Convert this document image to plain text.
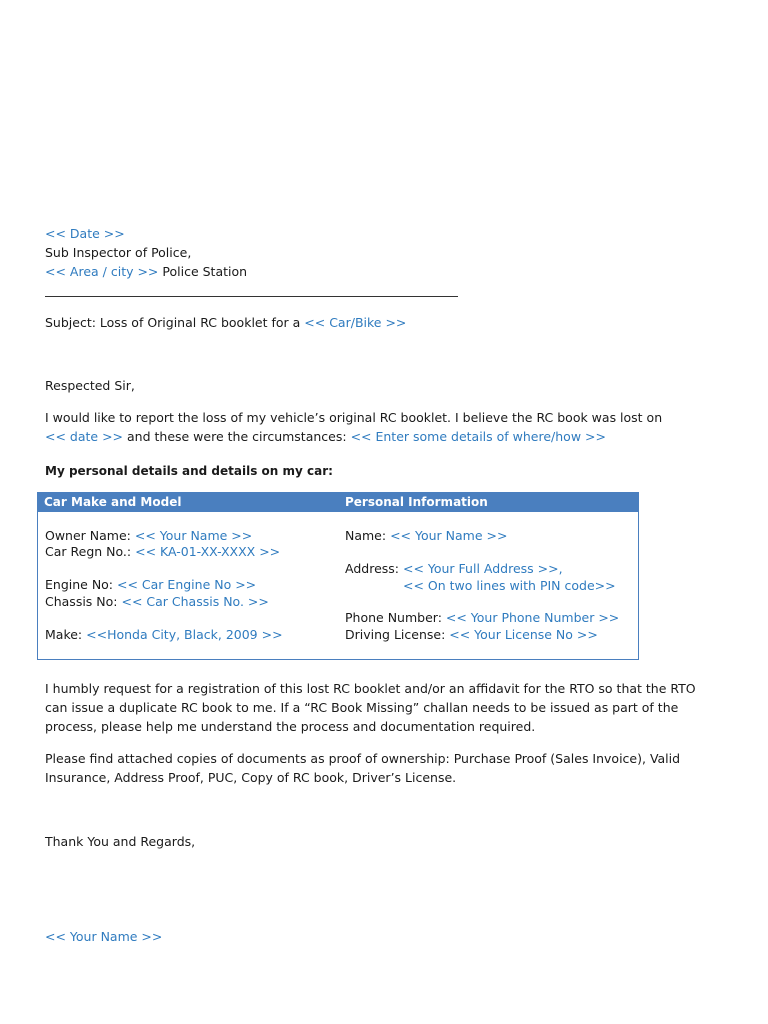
<< Date >>
Sub Inspector of Police,
<< Area / city >> Police Station
Subject: Loss of Original RC booklet for a << Car/Bike >>
Respected Sir,
I would like to report the loss of my vehicle’s original RC booklet. I believe the RC book was lost on
<< date >> and these were the circumstances: << Enter some details of where/how >>
My personal details and details on my car:
Car Make and Model	Personal Information
Owner Name: << Your Name >>
Car Regn No.: << KA-01-XX-XXXX >>
Engine No: << Car Engine No >>
Chassis No: << Car Chassis No. >>
Make: <<Honda City, Black, 2009 >>
Name: << Your Name >>
Address: << Your Full Address >>,
<< On two lines with PIN code>>
Phone Number: << Your Phone Number >>
Driving License: << Your License No >>
I humbly request for a registration of this lost RC booklet and/or an affidavit for the RTO so that the RTO
can issue a duplicate RC book to me. If a “RC Book Missing” challan needs to be issued as part of the
process, please help me understand the process and documentation required.
Please find attached copies of documents as proof of ownership: Purchase Proof (Sales Invoice), Valid
Insurance, Address Proof, PUC, Copy of RC book, Driver’s License.
Thank You and Regards,
<< Your Name >>
